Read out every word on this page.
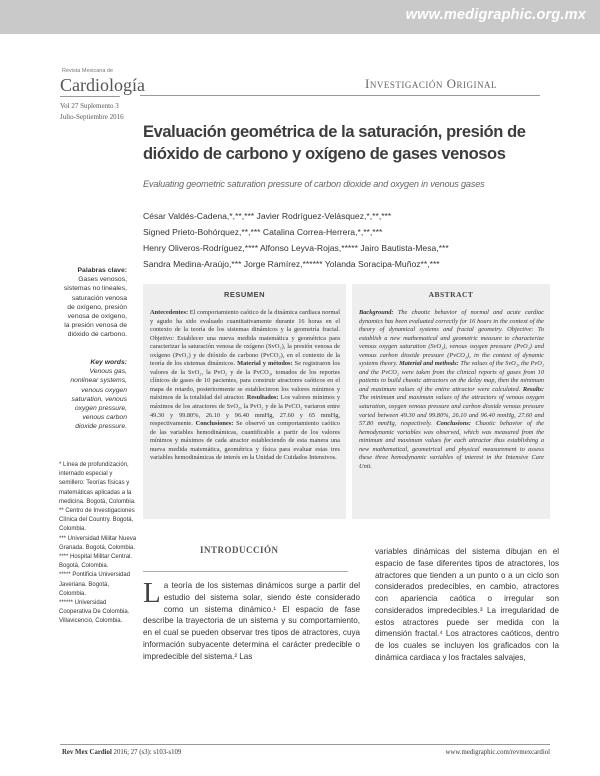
www.medigraphic.org.mx
Revista Mexicana de
Cardiología
Vol 27 Suplemento 3
Julio-Septiembre 2016
Investigación Original
Evaluación geométrica de la saturación, presión de dióxido de carbono y oxígeno de gases venosos
Evaluating geometric saturation pressure of carbon dioxide and oxygen in venous gases
César Valdés-Cadena,*,**,*** Javier Rodríguez-Velásquez,*,**,***
Signed Prieto-Bohórquez,**,*** Catalina Correa-Herrera,*,**,***
Henry Oliveros-Rodríguez,**** Alfonso Leyva-Rojas,***** Jairo Bautista-Mesa,***
Sandra Medina-Araújo,*** Jorge Ramírez,****** Yolanda Soracipa-Muñoz**,***
Palabras clave:
Gases venosos,
sistemas no lineales,
saturación venosa
de oxígeno, presión
venosa de oxígeno,
la presión venosa de
dióxido de carbono.
Key words:
Venous gas,
nonlinear systems,
venous oxygen
saturation, venous
oxygen pressure,
venous carbon
dioxide pressure.
* Línea de profundización, internado especial y semillero: Teorías físicas y matemáticas aplicadas a la medicina. Bogotá, Colombia.
** Centro de Investigaciones Clínica del Country. Bogotá, Colombia.
*** Universidad Militar Nueva Granada. Bogotá, Colombia.
**** Hospital Militar Central. Bogotá, Colombia.
***** Pontificia Universidad Javeriana. Bogotá, Colombia.
****** Universidad Cooperativa De Colombia. Villavicencio, Colombia.
RESUMEN
Antecedentes: El comportamiento caótico de la dinámica cardiaca normal y agudo ha sido evaluado cuantitativamente durante 16 horas en el contexto de la teoría de los sistemas dinámicos y la geometría fractal. Objetivo: Establecer una nueva medida matemática y geométrica para caracterizar la saturación venosa de oxígeno (SvO₂), la presión venosa de oxígeno (PvO₂) y de dióxido de carbono (PvCO₂), en el contexto de la teoría de los sistemas dinámicos. Material y métodos: Se registraron los valores de la SvO₂, la PvO₂ y de la PvCO₂, tomados de los reportes clínicos de gases de 10 pacientes, para construir atractores caóticos en el mapa de retardo, posteriormente se establecieron los valores mínimos y máximos de la totalidad del atractor. Resultados: Los valores mínimos y máximos de los atractores de SvO₂, la PvO₂ y de la PvCO₂ variaron entre 49.30 y 99.80%, 26.10 y 96.40 mmHg, 27.60 y 65 mmHg, respectivamente. Conclusiones: Se observó un comportamiento caótico de las variables hemodinámicas, cuantificable a partir de los valores mínimos y máximos de cada atractor estableciendo de esta manera una nueva medida matemática, geométrica y física para evaluar estas tres variables hemodinámicas de interés en la Unidad de Cuidados Intensivos.
ABSTRACT
Background: The chaotic behavior of normal and acute cardiac dynamics has been evaluated correctly for 16 hours in the context of the theory of dynamical systems and fractal geometry. Objective: To establish a new mathematical and geometric measure to characterize venous oxygen saturation (SvO₂), venous oxygen pressure (PvO₂) and venous carbon dioxide pressure (PvCO₂), in the context of dynamic systems theory. Material and methods: The values of the SvO₂, the PvO₂ and the PvCO₂ were taken from the clinical reports of gases from 10 patients to build chaotic attractors on the delay map, then the minimum and maximum values of the entire attractor were calculated. Results: The minimum and maximum values of the attractors of venous oxygen saturation, oxygen venous pressure and carbon dioxide venous pressure varied between 49.30 and 99.80%, 26.10 and 96.40 mmHg, 27.60 and 57.80 mmHg, respectively. Conclusions: Chaotic behavior of the hemodynamic variables was observed, which was measured from the minimum and maximum values for each attractor thus establishing a new mathematical, geometrical and physical measurement to assess these three hemodynamic variables of interest in the Intensive Care Unit.
INTRODUCCIÓN
L a teoría de los sistemas dinámicos surge a partir del estudio del sistema solar, siendo éste considerado como un sistema dinámico.¹ El espacio de fase describe la trayectoria de un sistema y su comportamiento, en el cual se pueden observar tres tipos de atractores, cuya información subyacente determina el carácter predecible o impredecible del sistema.² Las
variables dinámicas del sistema dibujan en el espacio de fase diferentes tipos de atractores, los atractores que tienden a un punto o a un ciclo son considerados predecibles, en cambio, atractores con apariencia caótica o irregular son considerados impredecibles.³ La irregularidad de estos atractores puede ser medida con la dimensión fractal.⁴ Los atractores caóticos, dentro de los cuales se incluyen los graficados con la dinámica cardiaca y los fractales salvajes,
Rev Mex Cardiol 2016; 27 (s3): s103-s109	www.medigraphic.com/revmexcardiol
